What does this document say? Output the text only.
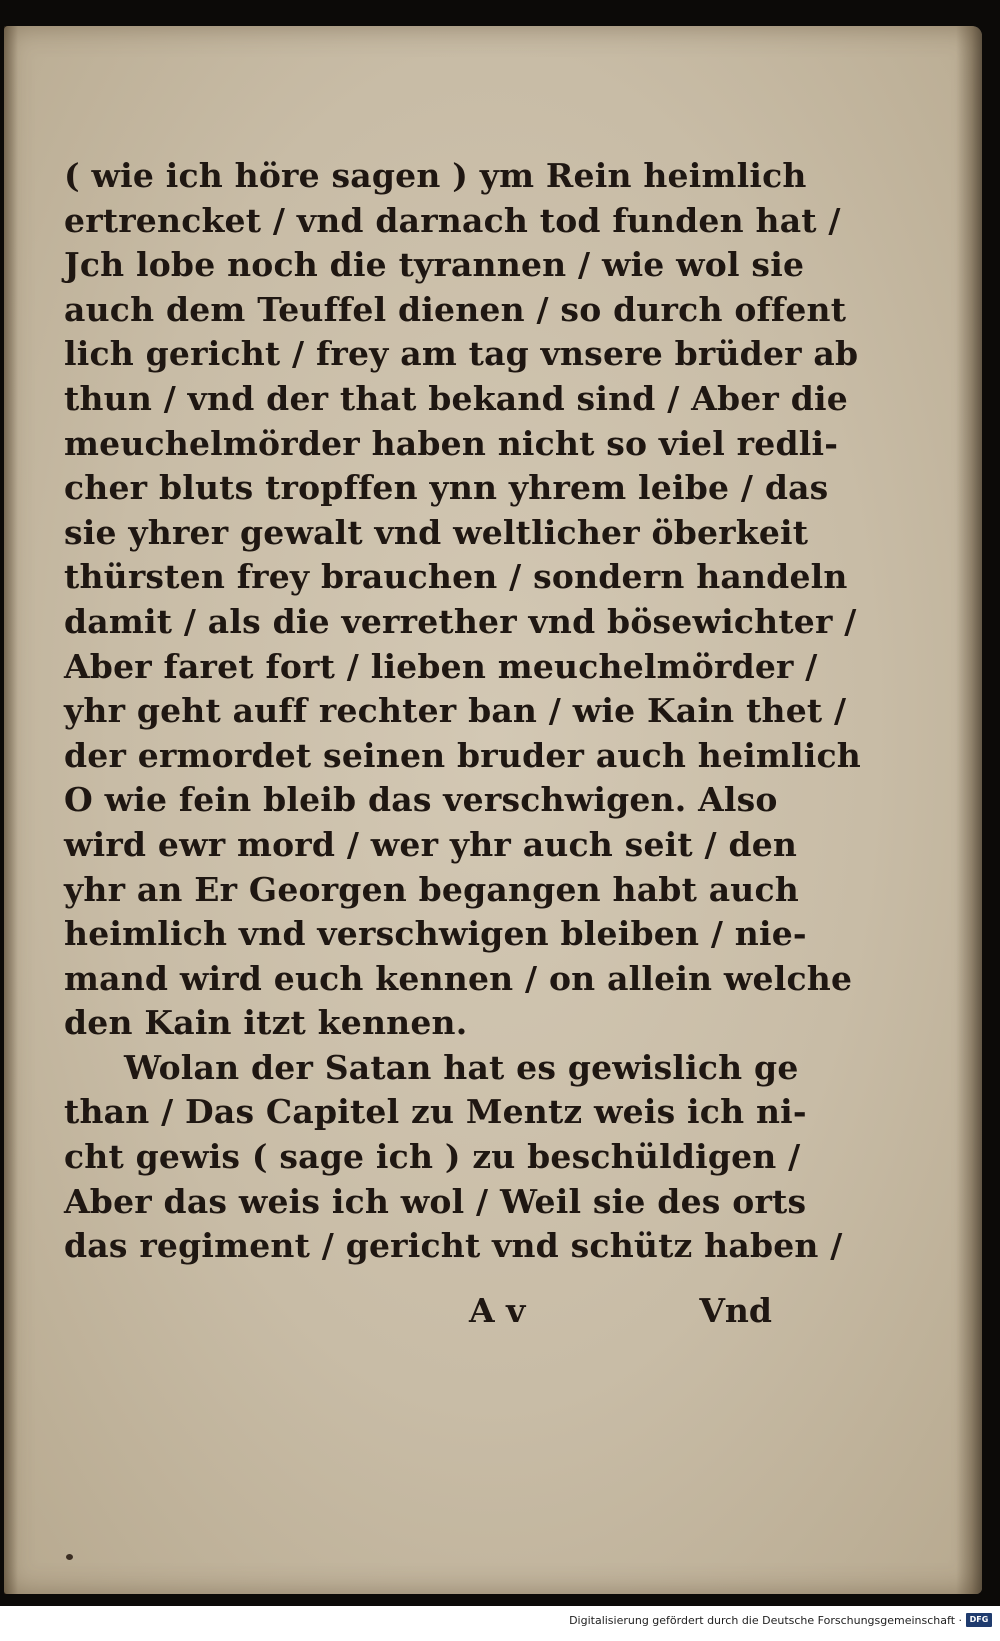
( wie ich höre sagen ) ym Rein heimlich
ertrencket / vnd darnach tod funden hat /
Jch lobe noch die tyrannen / wie wol sie
auch dem Teuffel dienen / so durch offent
lich gericht / frey am tag vnsere brüder ab
thun / vnd der that bekand sind / Aber die
meuchelmörder haben nicht so viel redli-
cher bluts tropffen ynn yhrem leibe / das
sie yhrer gewalt vnd weltlicher öberkeit
thürsten frey brauchen / sondern handeln
damit / als die verrether vnd bösewichter /
Aber faret fort / lieben meuchelmörder /
yhr geht auff rechter ban / wie Kain thet /
der ermordet seinen bruder auch heimlich
O wie fein bleib das verschwigen. Also
wird ewr mord / wer yhr auch seit / den
yhr an Er Georgen begangen habt auch
heimlich vnd verschwigen bleiben / nie-
mand wird euch kennen / on allein welche
den Kain itzt kennen.
Wolan der Satan hat es gewislich ge
than / Das Capitel zu Mentz weis ich ni-
cht gewis ( sage ich ) zu beschüldigen /
Aber das weis ich wol / Weil sie des orts
das regiment / gericht vnd schütz haben /
A v	Vnd
Digitalisierung gefördert durch die Deutsche Forschungsgemeinschaft · DFG
